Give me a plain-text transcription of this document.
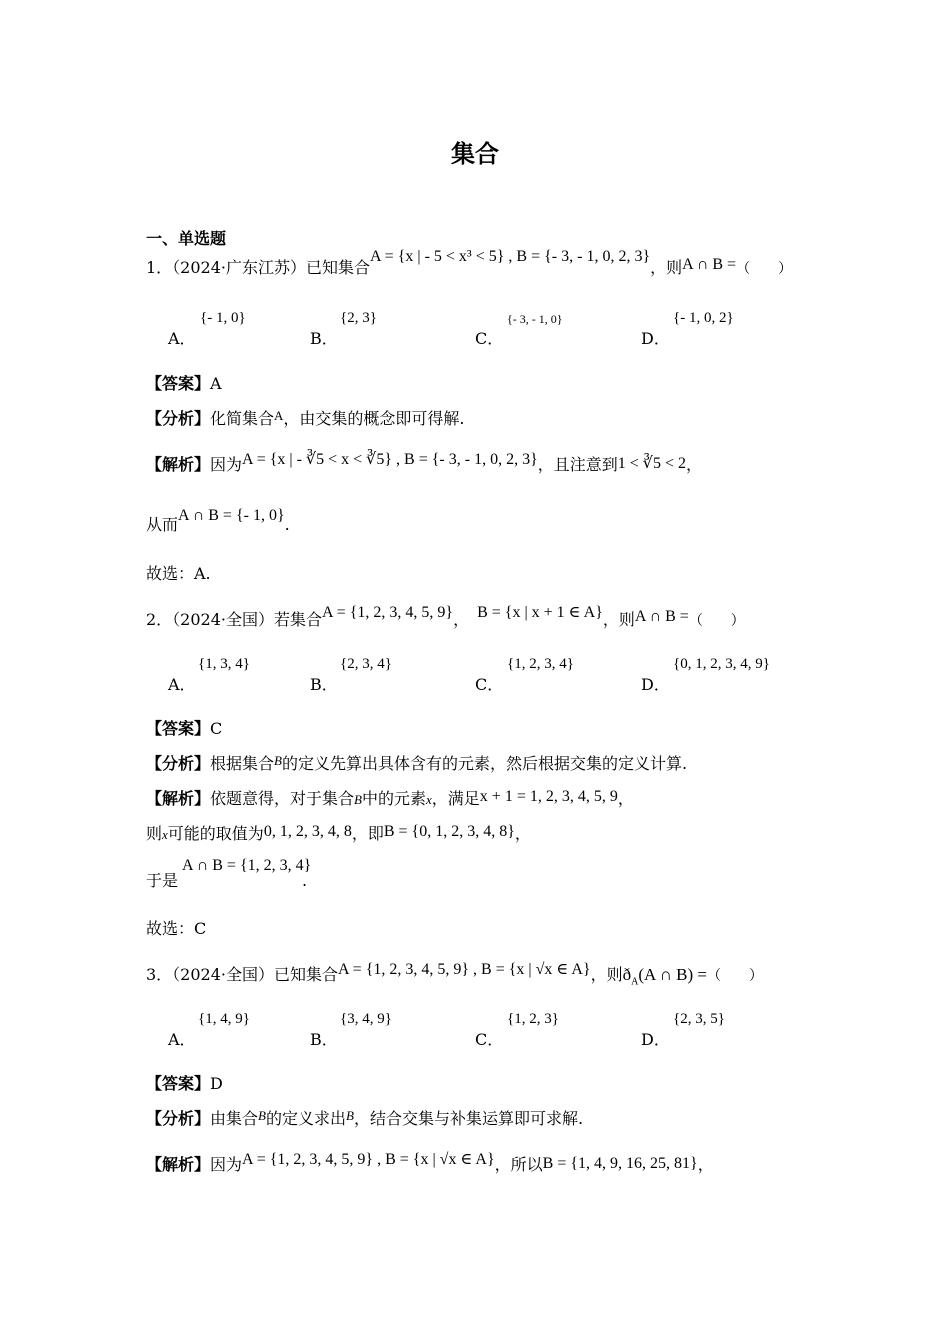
集合
一、单选题
1．（2024·广东江苏）已知集合A = {x | - 5 < x³ < 5} , B = {- 3, - 1, 0, 2, 3}，则A ∩ B =（　　）
A．
{- 1, 0}
B．
{2, 3}
C．
{- 3, - 1, 0}
D．
{- 1, 0, 2}
【答案】A
【分析】化简集合$^A$，由交集的概念即可得解.
【解析】因为A = {x | - ∛5 < x < ∛5} , B = {- 3, - 1, 0, 2, 3}，且注意到1 < ∛5 < 2，
从而A ∩ B = {- 1, 0}.
故选：A.
2．（2024·全国）若集合A = {1, 2, 3, 4, 5, 9}， B = {x | x + 1 ∈ A}，则A ∩ B =（　　）
A．
{1, 3, 4}
B．
{2, 3, 4}
C．
{1, 2, 3, 4}
D．
{0, 1, 2, 3, 4, 9}
【答案】C
【分析】根据集合$^B$的定义先算出具体含有的元素，然后根据交集的定义计算.
【解析】依题意得，对于集合B中的元素x，满足x + 1 = 1, 2, 3, 4, 5, 9，
则x可能的取值为0, 1, 2, 3, 4, 8，即B = {0, 1, 2, 3, 4, 8}，
于是A ∩ B = {1, 2, 3, 4}.
故选：C
3．（2024·全国）已知集合A = {1, 2, 3, 4, 5, 9} , B = {x | √x ∈ A}，则$ð_A(A$ ∩ B) =（　　）
A．
{1, 4, 9}
B．
{3, 4, 9}
C．
{1, 2, 3}
D．
{2, 3, 5}
【答案】D
【分析】由集合$^B$的定义求出$^B$，结合交集与补集运算即可求解.
【解析】因为A = {1, 2, 3, 4, 5, 9} , B = {x | √x ∈ A}，所以B = {1, 4, 9, 16, 25, 81}，
